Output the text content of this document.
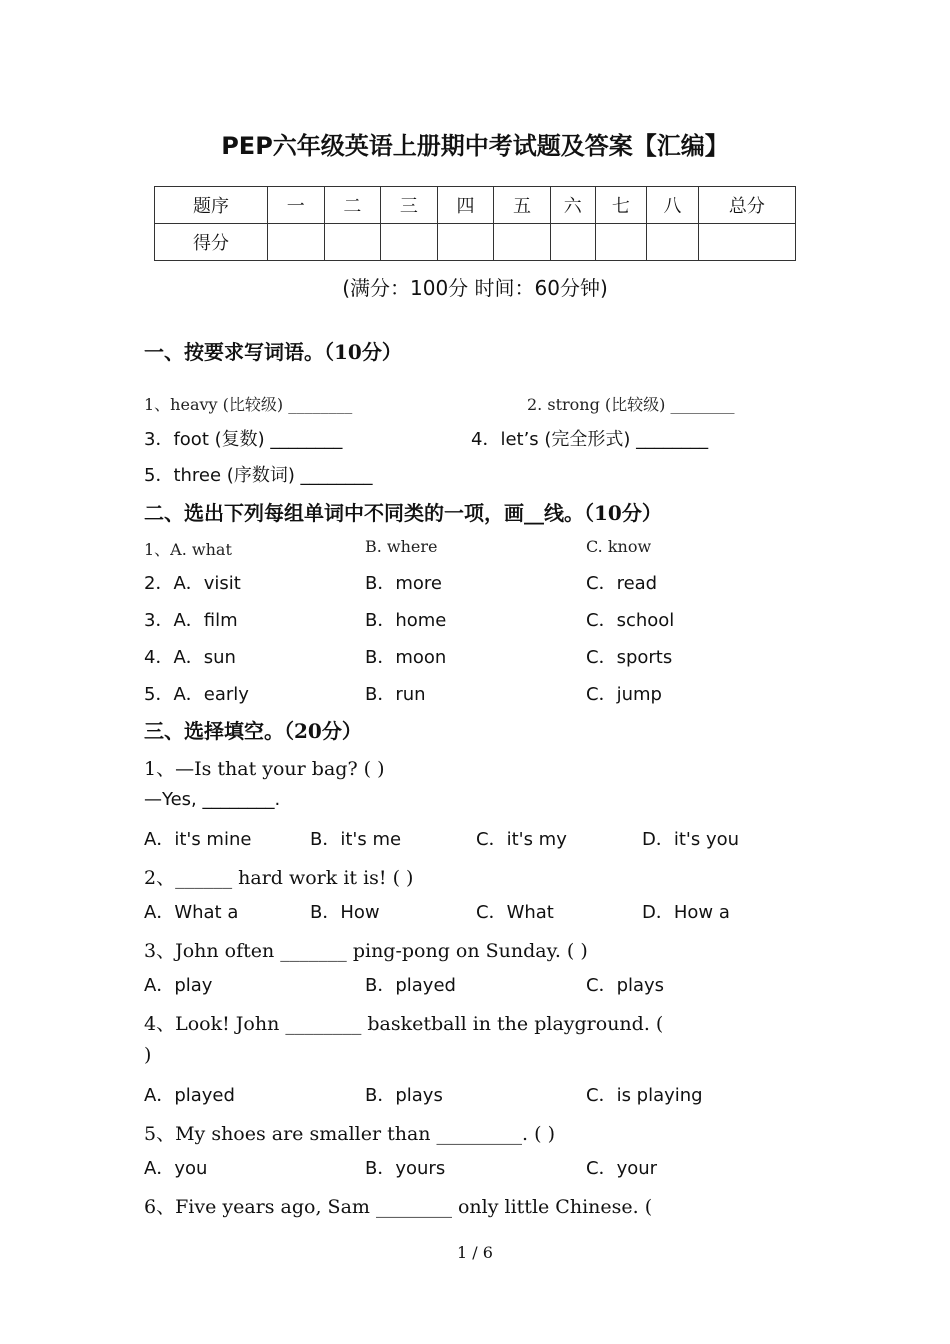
PEP六年级英语上册期中考试题及答案【汇编】
题序	一	二	三	四	五	六	七	八	总分
得分									
(满分：100分 时间：60分钟)
一、按要求写词语。（10分）
1、heavy (比较级) ________	2. strong (比较级) ________
3．foot (复数) ________	4．let’s (完全形式) ________
5．three (序数词) ________
二、选出下列每组单词中不同类的一项，画__线。（10分）
1、A. what	B. where	C. know
2．A．visit	B．more	C．read
3．A．film	B．home	C．school
4．A．sun	B．moon	C．sports
5．A．early	B．run	C．jump
三、选择填空。（20分）
1、—Is that your bag? ( )
—Yes, ________.
A．it's mine	B．it's me	C．it's my	D．it's you
2、______ hard work it is! ( )
A．What a	B．How	C．What	D．How a
3、John often _______ ping-pong on Sunday. ( )
A．play	B．played	C．plays
4、Look! John ________ basketball in the playground. (
)
A．played	B．plays	C．is playing
5、My shoes are smaller than _________. ( )
A．you	B．yours	C．your
6、Five years ago, Sam ________ only little Chinese. (
1 / 6
